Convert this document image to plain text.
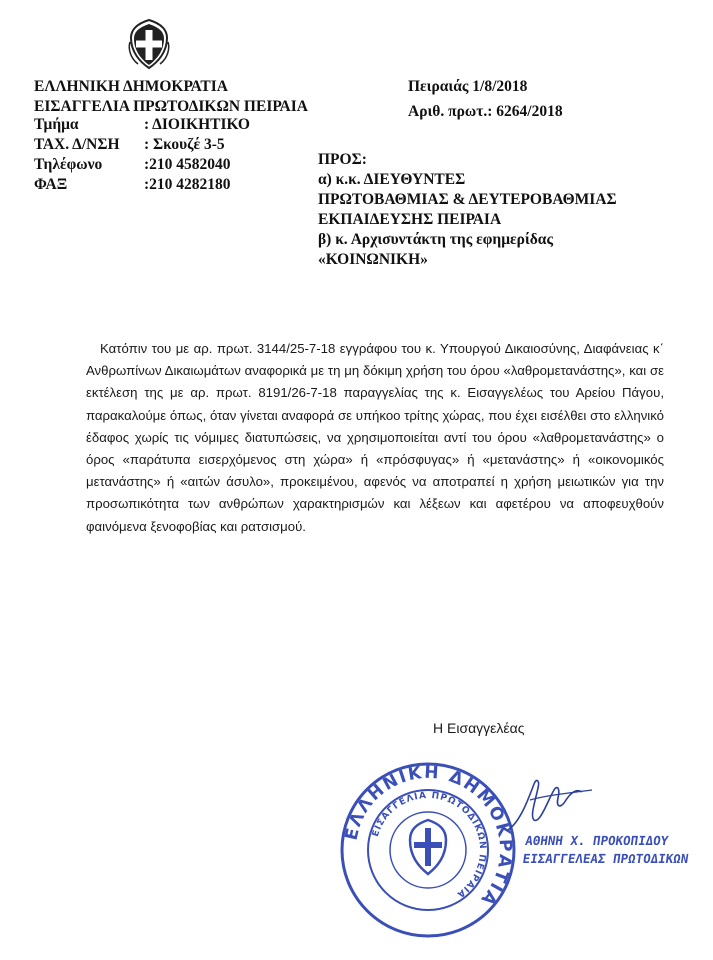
ΕΛΛΗΝΙΚΗ ΔΗΜΟΚΡΑΤΙΑ
ΕΙΣΑΓΓΕΛΙΑ ΠΡΩΤΟΔΙΚΩΝ ΠΕΙΡΑΙΑ
Τμήμα	: ΔΙΟΙΚΗΤΙΚΟ
ΤΑΧ. Δ/ΝΣΗ : Σκουζέ 3-5
Τηλέφωνο	:210 4582040
ΦΑΞ	:210 4282180
Πειραιάς 1/8/2018
Αριθ. πρωτ.: 6264/2018
ΠΡΟΣ:
α) κ.κ. ΔΙΕΥΘΥΝΤΕΣ
ΠΡΩΤΟΒΑΘΜΙΑΣ & ΔΕΥΤΕΡΟΒΑΘΜΙΑΣ
ΕΚΠΑΙΔΕΥΣΗΣ ΠΕΙΡΑΙΑ
β) κ. Αρχισυντάκτη της εφημερίδας
«ΚΟΙΝΩΝΙΚΗ»
Κατόπιν του με αρ. πρωτ. 3144/25-7-18 εγγράφου του κ. Υπουργού Δικαιοσύνης, Διαφάνειας κ΄ Ανθρωπίνων Δικαιωμάτων αναφορικά με τη μη δόκιμη χρήση του όρου «λαθρομετανάστης», και σε εκτέλεση της με αρ. πρωτ. 8191/26-7-18 παραγγελίας της κ. Εισαγγελέως του Αρείου Πάγου, παρακαλούμε όπως, όταν γίνεται αναφορά σε υπήκοο τρίτης χώρας, που έχει εισέλθει στο ελληνικό έδαφος χωρίς τις νόμιμες διατυπώσεις, να χρησιμοποιείται αντί του όρου «λαθρομετανάστης» ο όρος «παράτυπα εισερχόμενος στη χώρα» ή «πρόσφυγας» ή «μετανάστης» ή «οικονομικός μετανάστης» ή «αιτών άσυλο», προκειμένου, αφενός να αποτραπεί η χρήση μειωτικών για την προσωπικότητα των ανθρώπων χαρακτηρισμών και λέξεων και αφετέρου να αποφευχθούν φαινόμενα ξενοφοβίας και ρατσισμού.
Η Εισαγγελέας
ΕΛΛΗΝΙΚΗ ΔΗΜΟΚΡΑΤΙΑ
ΕΙΣΑΓΓΕΛΙΑ ΠΡΩΤΟΔΙΚΩΝ ΠΕΙΡΑΙΑ
ΑΘΗΝΗ Χ. ΠΡΟΚΟΠΙΔΟΥ
ΕΙΣΑΓΓΕΛΕΑΣ ΠΡΩΤΟΔΙΚΩΝ
